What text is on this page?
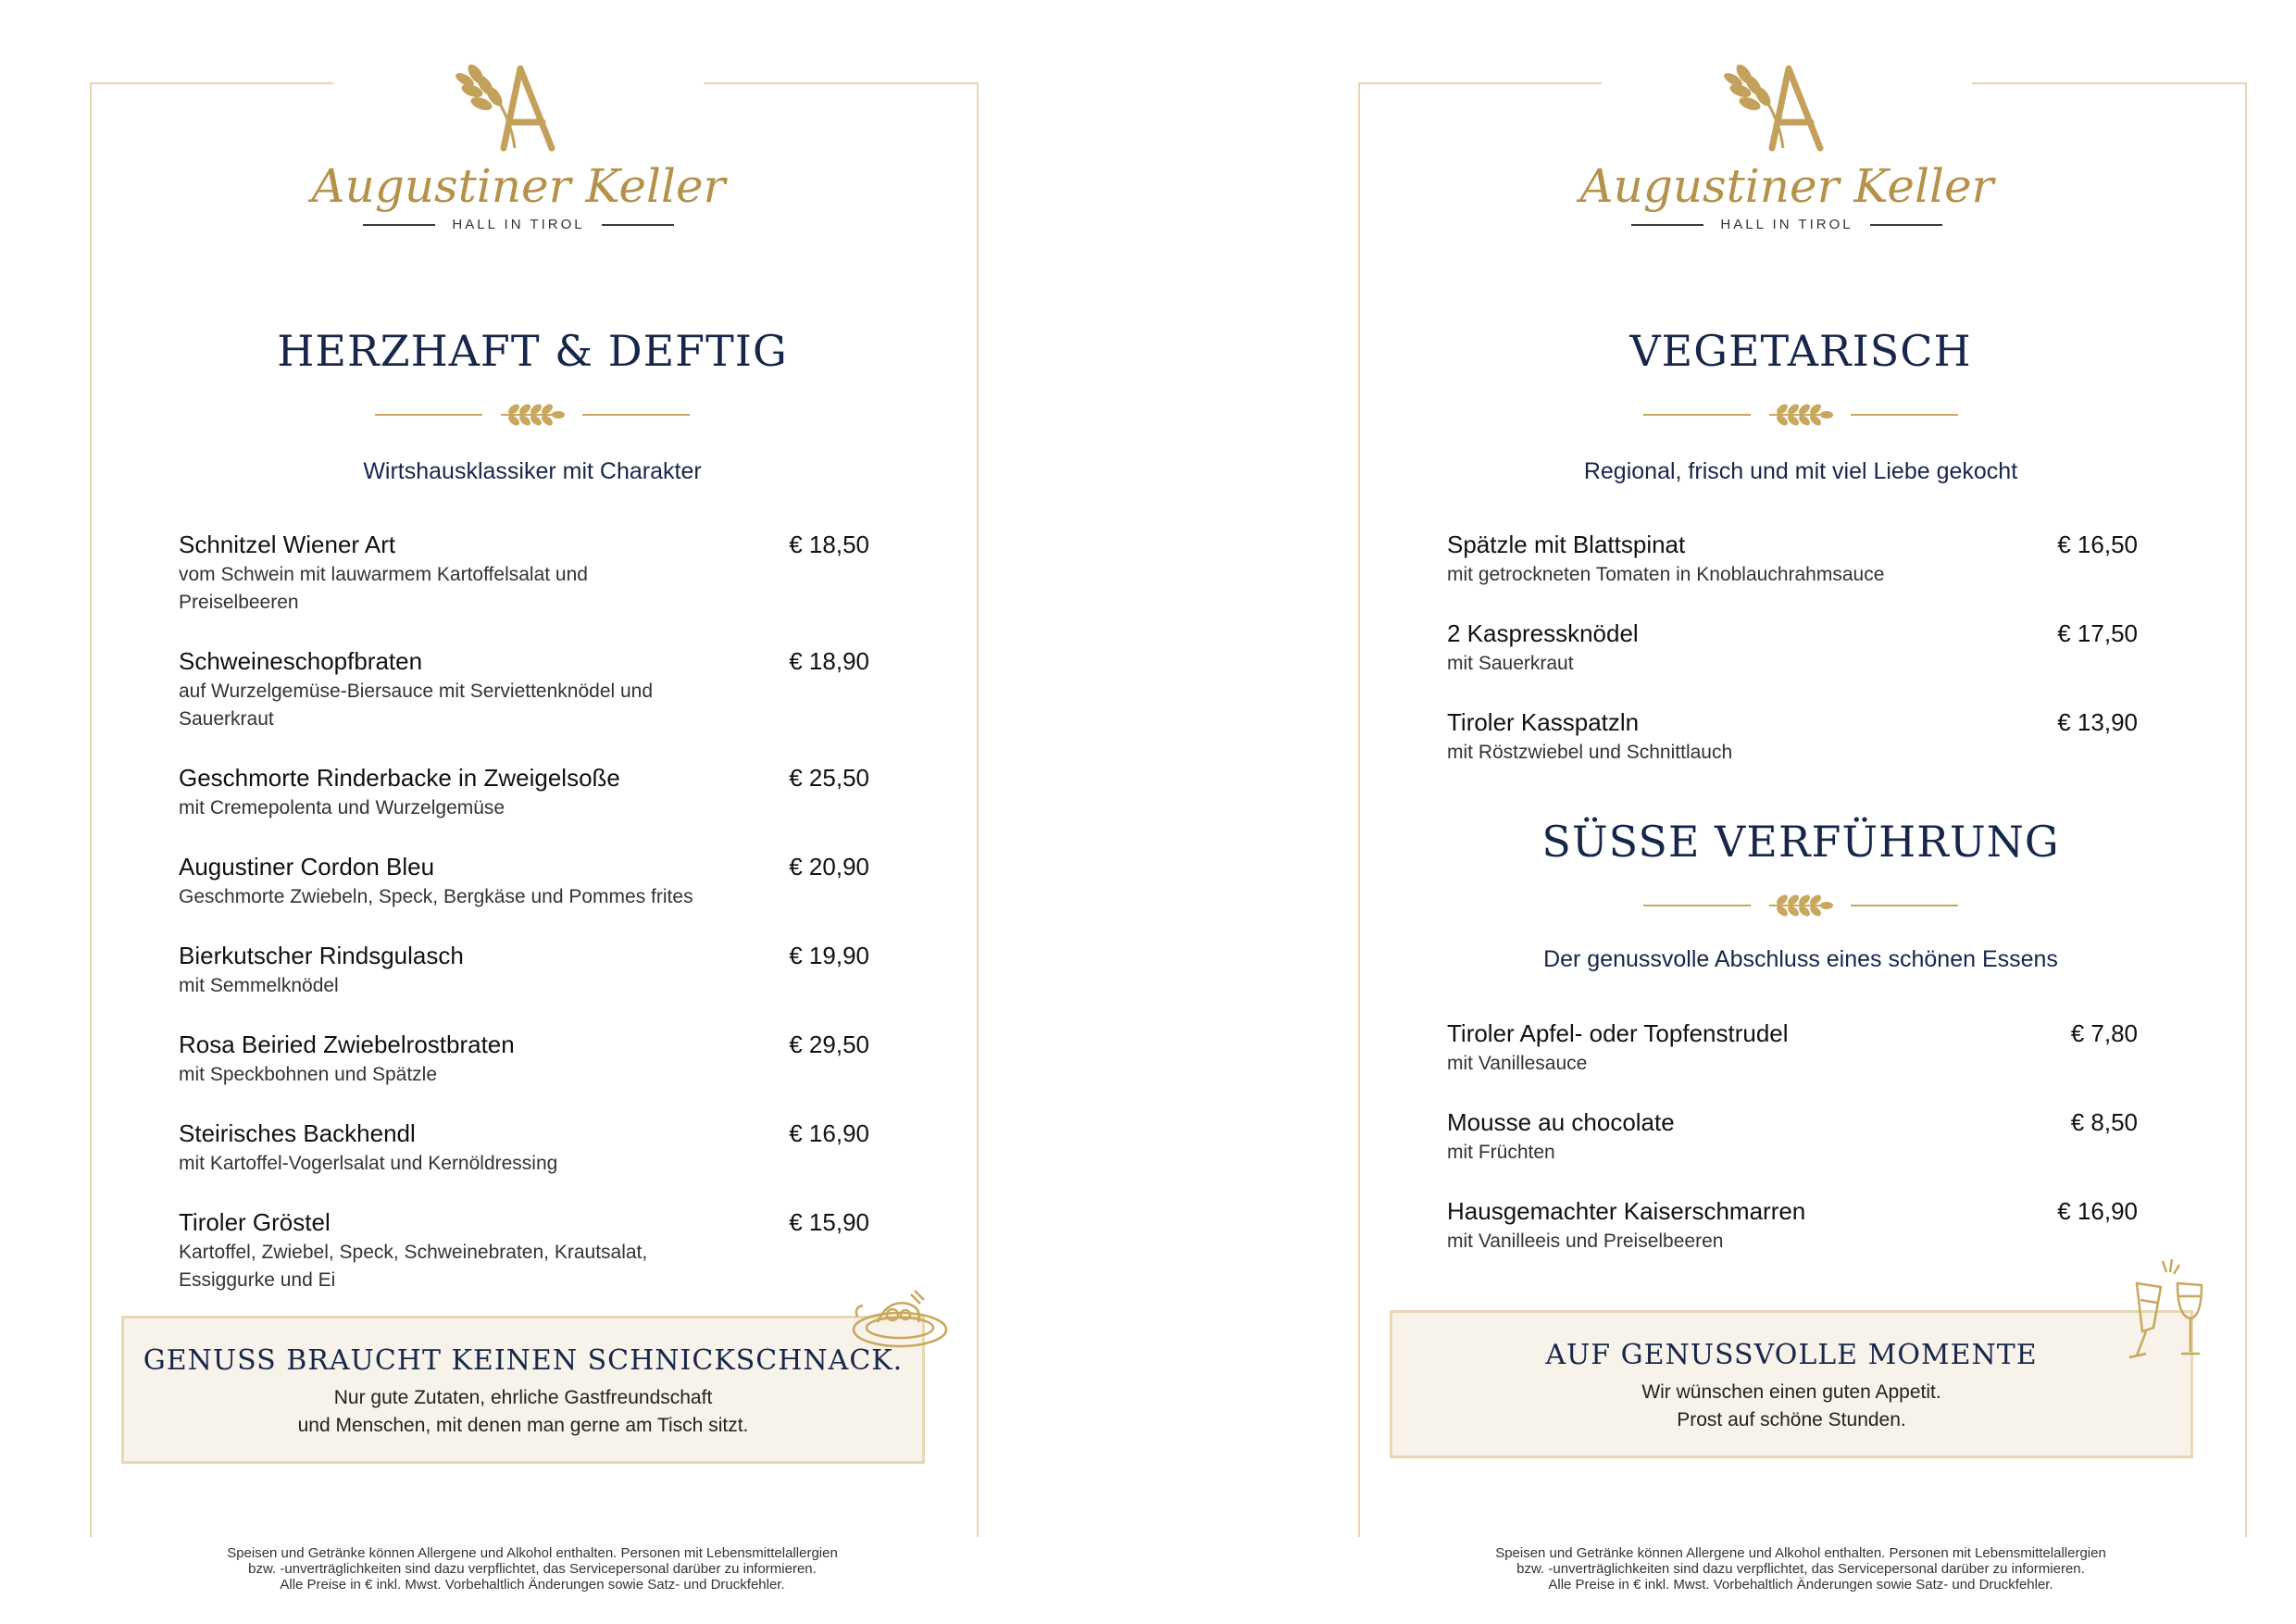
Augustiner Keller
HALL IN TIROL
HERZHAFT & DEFTIG
Wirtshausklassiker mit Charakter
Schnitzel Wiener Art	€ 18,50
vom Schwein mit lauwarmem Kartoffelsalat und Preiselbeeren
Schweineschopfbraten	€ 18,90
auf Wurzelgemüse-Biersauce mit Serviettenknödel und Sauerkraut
Geschmorte Rinderbacke in Zweigelsoße	€ 25,50
mit Cremepolenta und Wurzelgemüse
Augustiner Cordon Bleu	€ 20,90
Geschmorte Zwiebeln, Speck, Bergkäse und Pommes frites
Bierkutscher Rindsgulasch	€ 19,90
mit Semmelknödel
Rosa Beiried Zwiebelrostbraten	€ 29,50
mit Speckbohnen und Spätzle
Steirisches Backhendl	€ 16,90
mit Kartoffel-Vogerlsalat und Kernöldressing
Tiroler Gröstel	€ 15,90
Kartoffel, Zwiebel, Speck, Schweinebraten, Krautsalat, Essiggurke und Ei
GENUSS BRAUCHT KEINEN SCHNICKSCHNACK.
Nur gute Zutaten, ehrliche Gastfreundschaft
und Menschen, mit denen man gerne am Tisch sitzt.
Speisen und Getränke können Allergene und Alkohol enthalten. Personen mit Lebensmittelallergien
bzw. -unverträglichkeiten sind dazu verpflichtet, das Servicepersonal darüber zu informieren.
Alle Preise in € inkl. Mwst. Vorbehaltlich Änderungen sowie Satz- und Druckfehler.
Augustiner Keller
HALL IN TIROL
VEGETARISCH
Regional, frisch und mit viel Liebe gekocht
Spätzle mit Blattspinat	€ 16,50
mit getrockneten Tomaten in Knoblauchrahmsauce
2 Kaspressknödel	€ 17,50
mit Sauerkraut
Tiroler Kasspatzln	€ 13,90
mit Röstzwiebel und Schnittlauch
SÜSSE VERFÜHRUNG
Der genussvolle Abschluss eines schönen Essens
Tiroler Apfel- oder Topfenstrudel	€ 7,80
mit Vanillesauce
Mousse au chocolate	€ 8,50
mit Früchten
Hausgemachter Kaiserschmarren	€ 16,90
mit Vanilleeis und Preiselbeeren
AUF GENUSSVOLLE MOMENTE
Wir wünschen einen guten Appetit.
Prost auf schöne Stunden.
Speisen und Getränke können Allergene und Alkohol enthalten. Personen mit Lebensmittelallergien
bzw. -unverträglichkeiten sind dazu verpflichtet, das Servicepersonal darüber zu informieren.
Alle Preise in € inkl. Mwst. Vorbehaltlich Änderungen sowie Satz- und Druckfehler.
